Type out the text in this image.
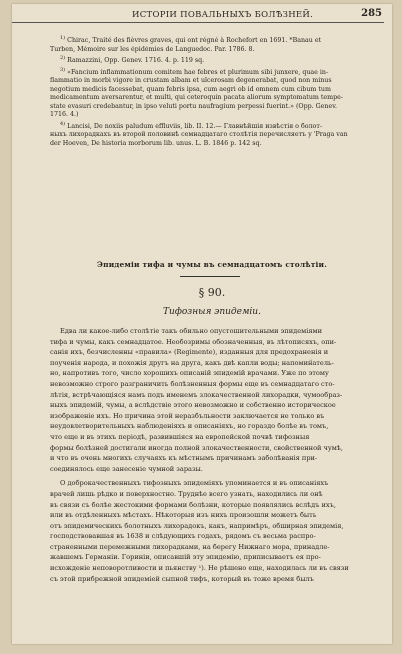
ИСТОРІИ ПОВАЛЬНЫХЪ БОЛѢЗНЕЙ.	285
$^{1)}$ Chirac, Traité des fièvres graves, qui ont régné à Rochefort en 1691. *Banau et
Turben, Mémoire sur les épidémies de Languedoc. Par. 1786. 8.
$^{2)}$ Ramazzini, Opp. Genev. 1716. 4. p. 119 sq.
$^{3)}$ «Fancium inflammationum comitem hae febres et plurimum sibi junxere, quae in-
flammatio in morbi vigore in crustam albam et ulcerosam degenerabat, quod non minus
negotium medicis facessebat, quam febris ipsa, cum aegri ob id omnem cum cibum tum
medicamentum aversarentur, et multi, qui ceteroquin pacata aliorum symptomatum tempe-
state evasuri credebantur, in ipso veluti portu naufragium perpessi fuerint.» (Opp. Genev.
1716. 4.)
$^{4)}$ Lancisi, De noxiis paludum effluviis, lib. II. 12.— Главнѣйшія извѣстія о болот-
ныхъ лихорадкахъ въ второй половинѣ семнадцатаго столѣтія перечисляетъ у 'Praga van
der Hoeven, De historia morborum lib. unus. L. B. 1846 p. 142 sq.
Эпидеміи тифа и чумы въ семнадцатомъ столѣтіи.
§ 90.
Тифозныя эпидеміи.
Едва ли какое-либо столѣтіе такъ обильно опустошительными эпидеміями
тифа и чумы, какъ семнадцатое. Необозримы обозначенныя, въ лѣтописяхъ, опи-
санія ихъ, безчисленны «правила» (Regimente), изданныя для предохраненія и
поученія народа, и похожія другъ на друга, какъ двѣ капли воды; напомин̈атель-
но, напротивъ того, число хорошихъ описаній эпидемій врачами. Уже по этому
невозможно строго разграничить болѣзненныя формы еще въ семнадцатаго сто-
лѣтія, встрѣчающіяся намъ подъ именемъ злокачественной лихорадки, чумообраз-
ныхъ эпидемій, чумы, а вслѣдствіе этого невозможно и собственно историческое
изображеніе ихъ. Но причина этой неразбъльности заключается не только въ
неудовлетворительныхъ наблюденіяхъ и описаніяхъ, но гораздо болѣе въ томъ,
что еще и въ этихъ періодѣ, развившіяся на европейской почвѣ тифозныя
формы болѣзней достигали иногда полной злокачественности, свойственной чумѣ,
и что въ очень многихъ случаяхъ къ мѣстнымъ причинамъ заболѣванія при-
соединялось еще занесеніе чумной заразы.
О доброкачественныхъ тифозныхъ эпидеміяхъ упоминается и въ описаніяхъ
врачей лишь рѣдко и поверхностно. Труднѣе всего узнать, находились ли онѣ
въ связи съ болѣе жестокими формами болѣзни, которые появлялись вслѣдъ ихъ,
или въ отдѣленныхъ мѣстахъ. Нѣкоторыя изъ нихъ произошли можетъ быть
отъ эпидемическихъ болотныхъ лихорадокъ, какъ, напримѣръ, обширная эпидемія,
господствовавшая въ 1638 и слѣдующихъ годахъ, рядомъ съ весьма распро-
страненными перемежными лихорадками, на берегу Нижнаго мора, принадле-
жавшемъ Германіи. Гориніи, описавшій эту эпидемію, приписываетъ ея про-
исхожденіе неповоротливости и пьянству ¹). Не рѣшено еще, находилась ли въ связи
съ этой прибрежной эпидеміей сыпной тифъ, который въ тоже время былъ
